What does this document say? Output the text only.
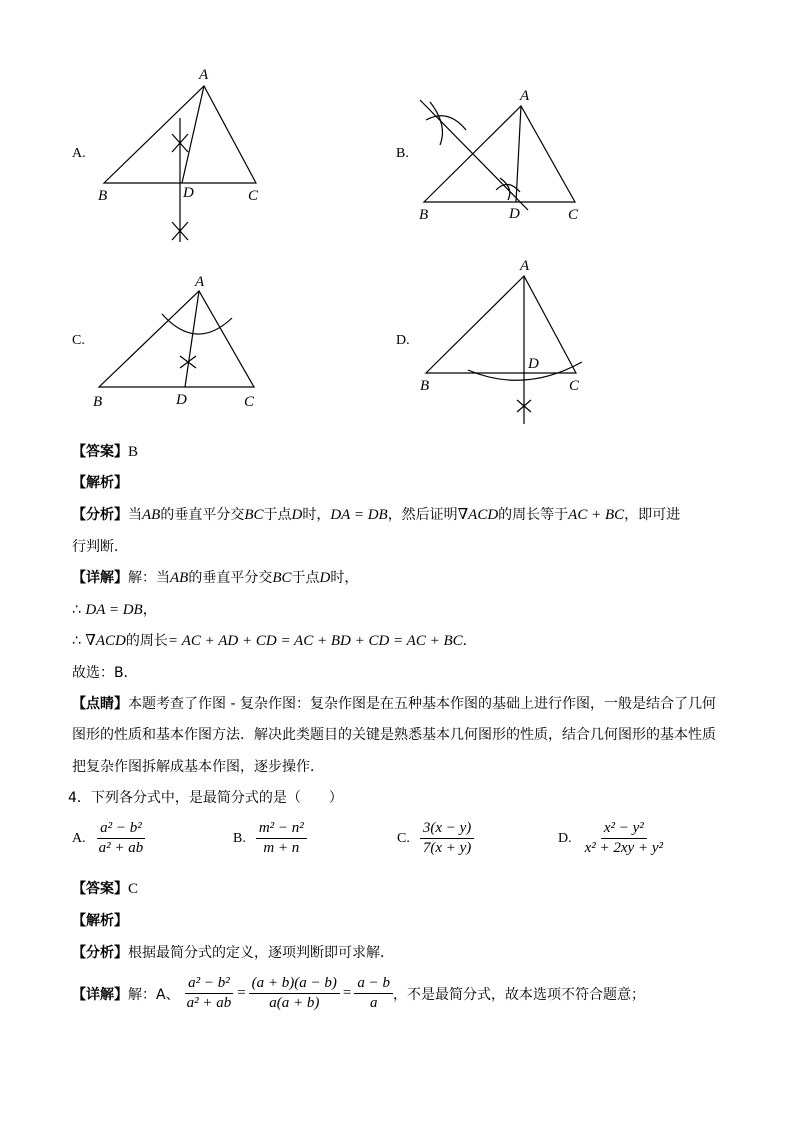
A.	B.
C.	D.
A
B	C
D
A
B	C
D
A
B	C
D
A
B	C
D
【答案】B
【解析】
【分析】当AB的垂直平分交BC于点D时，DA = DB，然后证明∇ACD的周长等于AC + BC，即可进
行判断．
【详解】解：当AB的垂直平分交BC于点D时，
∴ DA = DB，
∴ ∇ACD的周长= AC + AD + CD = AC + BD + CD = AC + BC．
故选：B．
【点睛】本题考查了作图 - 复杂作图：复杂作图是在五种基本作图的基础上进行作图，一般是结合了几何
图形的性质和基本作图方法．解决此类题目的关键是熟悉基本几何图形的性质，结合几何图形的基本性质
把复杂作图拆解成基本作图，逐步操作．
4．下列各分式中，是最简分式的是（　　）
A. $\frac{\text{a² − b²}}{\text{a² + ab}}$	B. $\frac{\text{m² − n²}}{m + n}$	C. $\frac{3(x - y)}{7(x + y)}$	D. $\frac{\text{x² − y²}}{\text{x² + 2xy + y²}}$
【答案】C
【解析】
【分析】根据最简分式的定义，逐项判断即可求解．
【详解】 解：A、 $\frac{\text{a² − b²}}{\text{a² + ab}} = \frac{(a + b)(a - b)}{a(a + b)} = \frac{a - b}{a}$ ，不是最简分式，故本选项不符合题意；
